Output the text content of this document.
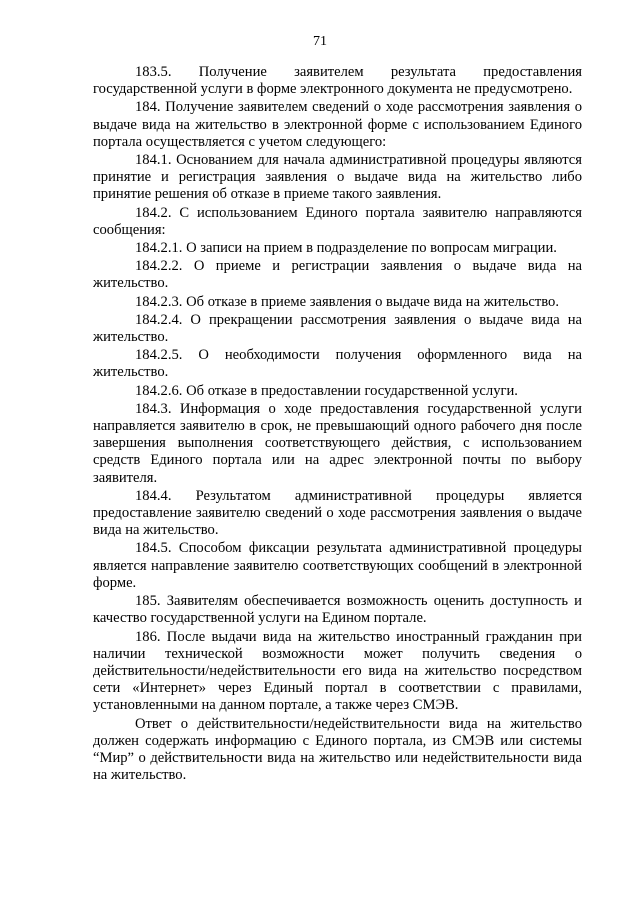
71

183.5. Получение заявителем результата предоставления государственной услуги в форме электронного документа не предусмотрено.

184. Получение заявителем сведений о ходе рассмотрения заявления о выдаче вида на жительство в электронной форме с использованием Единого портала осуществляется с учетом следующего:

184.1. Основанием для начала административной процедуры являются принятие и регистрация заявления о выдаче вида на жительство либо принятие решения об отказе в приеме такого заявления.

184.2. С использованием Единого портала заявителю направляются сообщения:

184.2.1. О записи на прием в подразделение по вопросам миграции.

184.2.2. О приеме и регистрации заявления о выдаче вида на жительство.

184.2.3. Об отказе в приеме заявления о выдаче вида на жительство.

184.2.4. О прекращении рассмотрения заявления о выдаче вида на жительство.

184.2.5. О необходимости получения оформленного вида на жительство.

184.2.6. Об отказе в предоставлении государственной услуги.

184.3. Информация о ходе предоставления государственной услуги направляется заявителю в срок, не превышающий одного рабочего дня после завершения выполнения соответствующего действия, с использованием средств Единого портала или на адрес электронной почты по выбору заявителя.

184.4. Результатом административной процедуры является предоставление заявителю сведений о ходе рассмотрения заявления о выдаче вида на жительство.

184.5. Способом фиксации результата административной процедуры является направление заявителю соответствующих сообщений в электронной форме.

185. Заявителям обеспечивается возможность оценить доступность и качество государственной услуги на Едином портале.

186. После выдачи вида на жительство иностранный гражданин при наличии технической возможности может получить сведения о действительности/недействительности его вида на жительство посредством сети «Интернет» через Единый портал в соответствии с правилами, установленными на данном портале, а также через СМЭВ.

Ответ о действительности/недействительности вида на жительство должен содержать информацию с Единого портала, из СМЭВ или системы “Мир” о действительности вида на жительство или недействительности вида на жительство.
